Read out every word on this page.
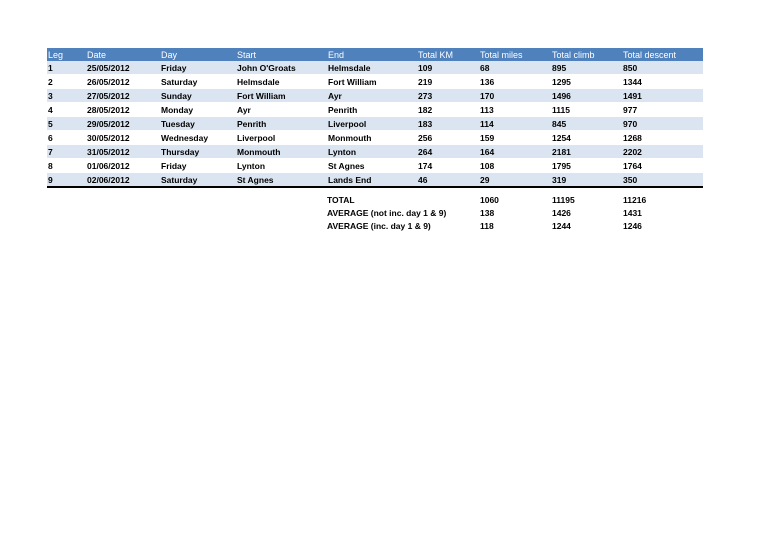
Leg	Date	Day	Start	End	Total KM	Total miles	Total climb	Total descent
1	25/05/2012	Friday	John O'Groats	Helmsdale	109	68	895	850
2	26/05/2012	Saturday	Helmsdale	Fort William	219	136	1295	1344
3	27/05/2012	Sunday	Fort William	Ayr	273	170	1496	1491
4	28/05/2012	Monday	Ayr	Penrith	182	113	1115	977
5	29/05/2012	Tuesday	Penrith	Liverpool	183	114	845	970
6	30/05/2012	Wednesday	Liverpool	Monmouth	256	159	1254	1268
7	31/05/2012	Thursday	Monmouth	Lynton	264	164	2181	2202
8	01/06/2012	Friday	Lynton	St Agnes	174	108	1795	1764
9	02/06/2012	Saturday	St Agnes	Lands End	46	29	319	350
TOTAL	1060	11195	11216
AVERAGE (not inc. day 1 & 9)	138	1426	1431
AVERAGE (inc. day 1 & 9)	118	1244	1246
